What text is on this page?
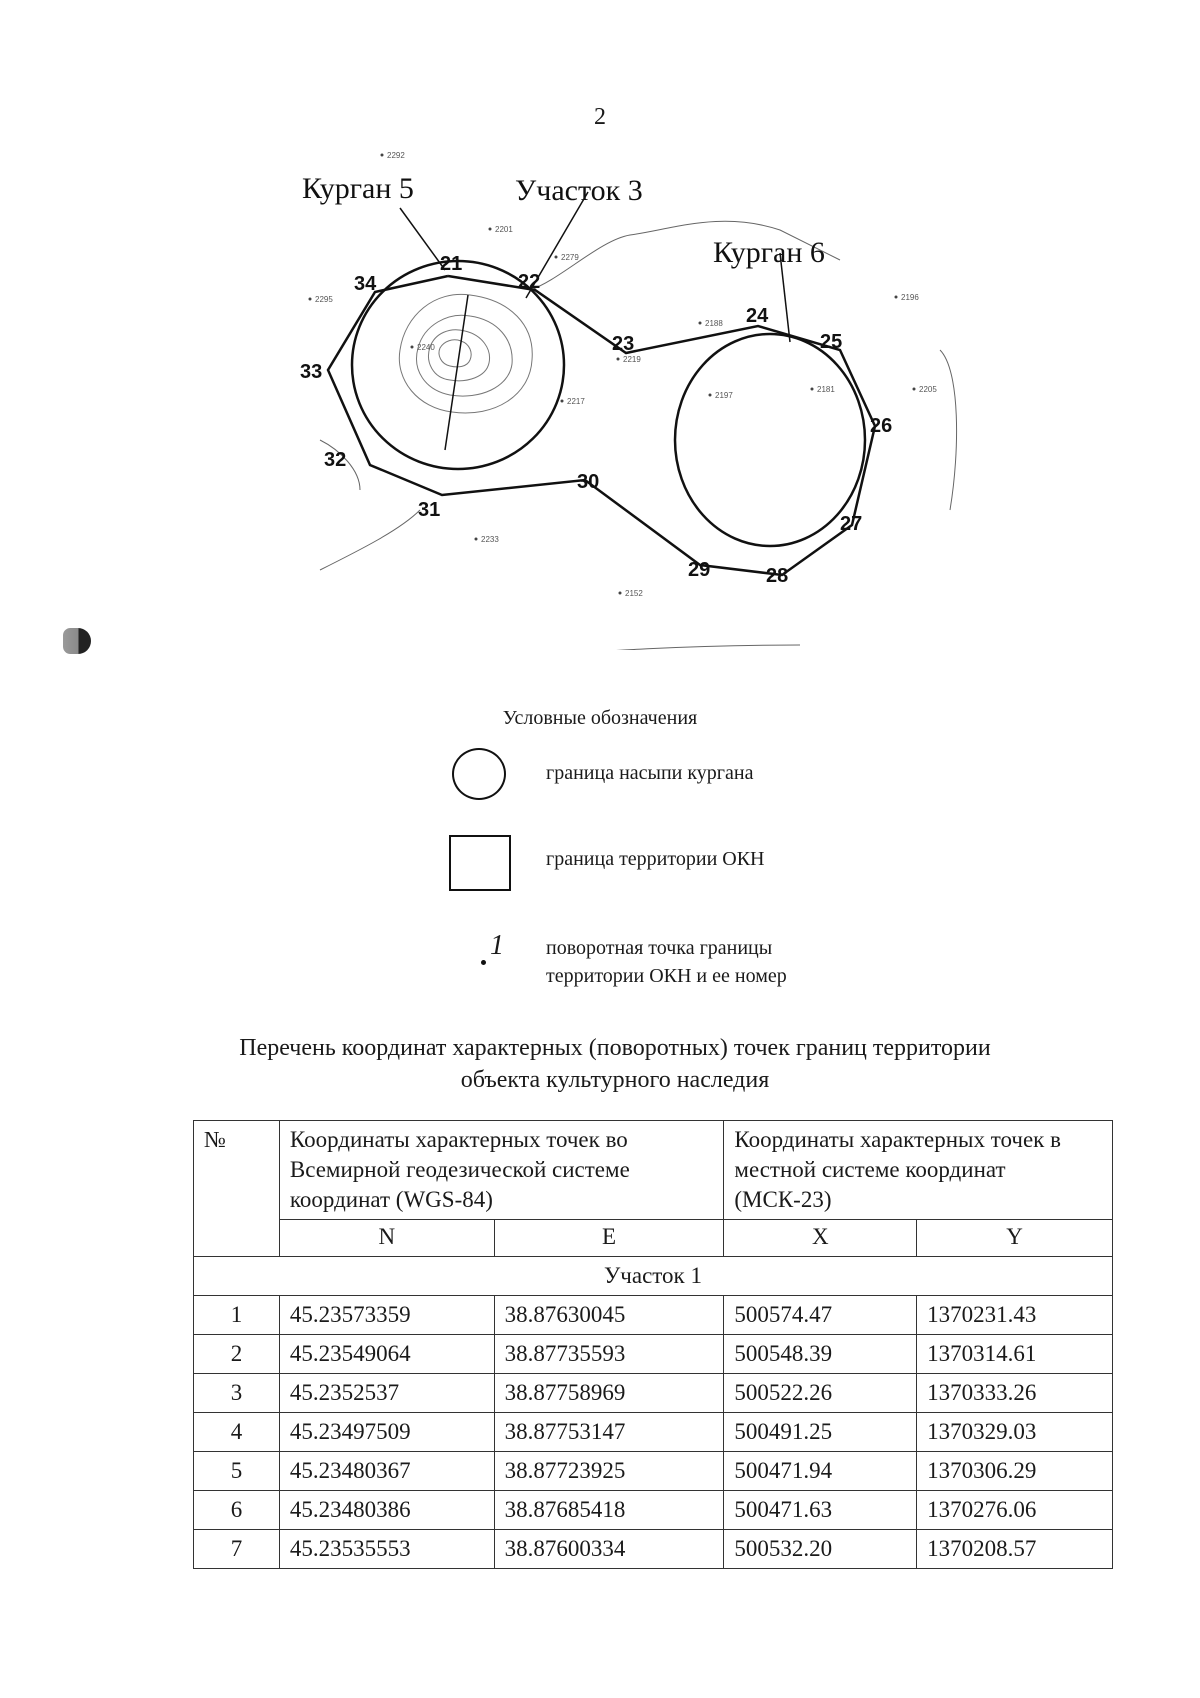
2
Курган 5	Участок 3
Курган 6
21
22
23
24
25
26
27
28
29
30
31
32
33
34
2292
2295
2201
2279
2240
2217
2219
2188
2181
2197
2196
2205
2233
2152
Условные обозначения
граница насыпи кургана
граница территории ОКН
1 поворотная точка границы
территории ОКН и ее номер
Перечень координат характерных (поворотных) точек границ территории
объекта культурного наследия
№	Координаты характерных точек во Всемирной геодезической системе координат (WGS-84)		Координаты характерных точек в местной системе координат (МСК-23)	
	N	E	X	Y
Участок 1				
1	45.23573359	38.87630045	500574.47	1370231.43
2	45.23549064	38.87735593	500548.39	1370314.61
3	45.2352537	38.87758969	500522.26	1370333.26
4	45.23497509	38.87753147	500491.25	1370329.03
5	45.23480367	38.87723925	500471.94	1370306.29
6	45.23480386	38.87685418	500471.63	1370276.06
7	45.23535553	38.87600334	500532.20	1370208.57
